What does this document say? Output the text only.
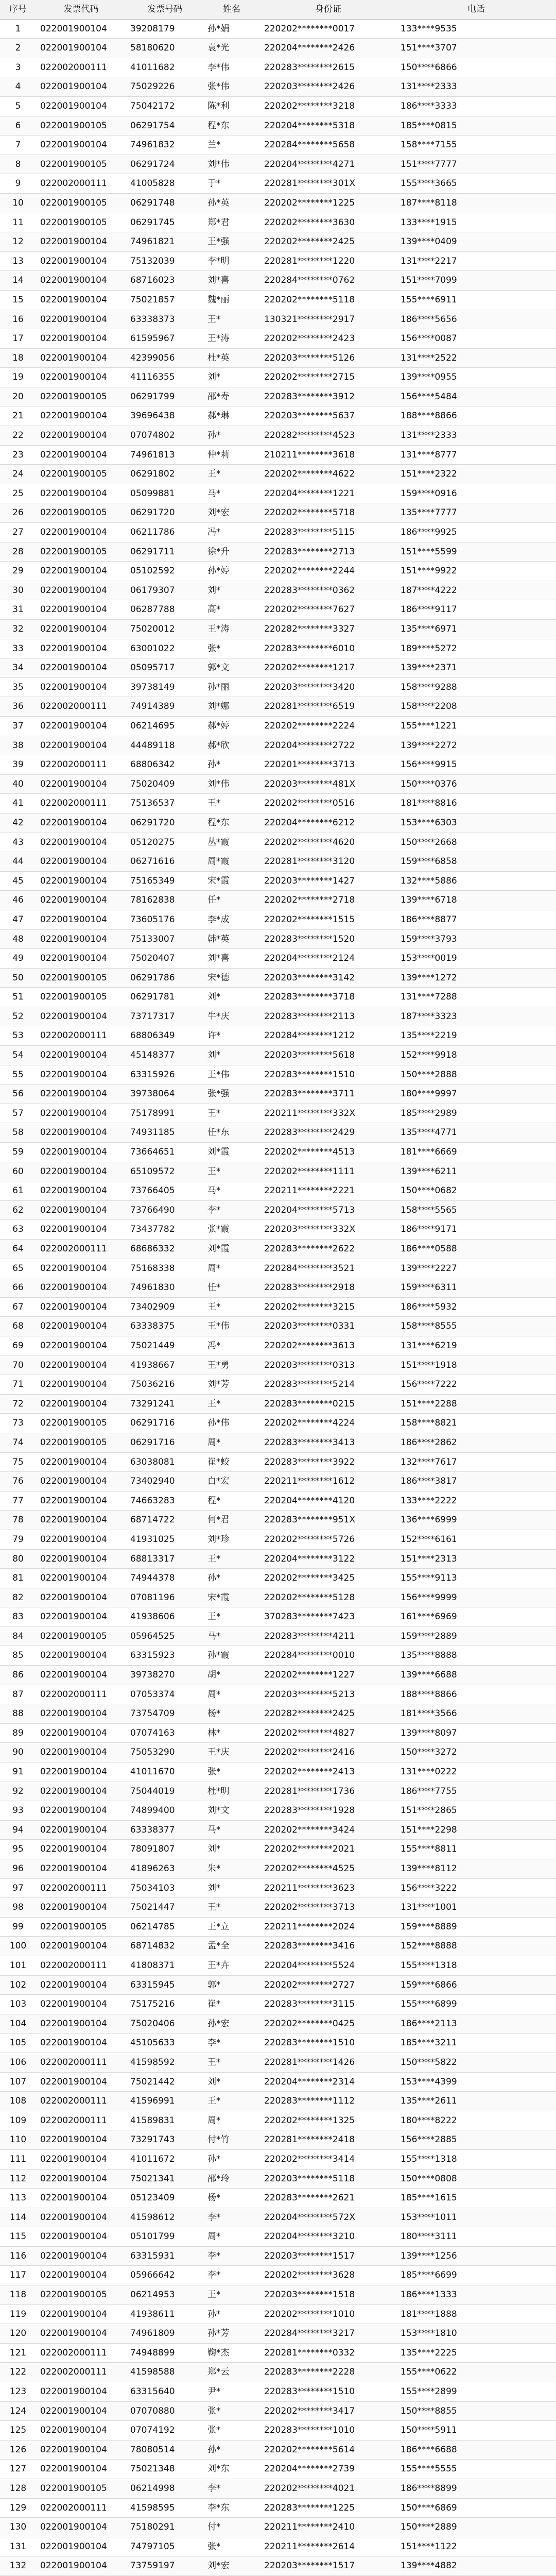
序号	发票代码	发票号码	姓名	身份证	电话
1	022001900104	39208179	孙*娟	220202********0017	133****9535
2	022001900104	58180620	袁*光	220204********2426	151****3707
3	022002000111	41011682	李*伟	220283********2615	150****6866
4	022001900104	75029226	张*伟	220203********2426	131****2333
5	022001900104	75042172	陈*利	220202********3218	186****3333
6	022001900105	06291754	程*东	220204********5318	185****0815
7	022001900104	74961832	兰*	220284********5658	158****7155
8	022001900105	06291724	刘*伟	220204********4271	151****7777
9	022002000111	41005828	于*	220281********301X	155****3665
10	022001900105	06291748	孙*英	220202********1225	187****8118
11	022001900105	06291745	郑*君	220202********3630	133****1915
12	022001900104	74961821	王*强	220202********2425	139****0409
13	022001900104	75132039	李*明	220281********1220	131****2217
14	022001900104	68716023	刘*喜	220284********0762	151****7099
15	022001900104	75021857	魏*丽	220202********5118	155****6911
16	022001900104	63338373	王*	130321********2917	186****5656
17	022001900104	61595967	王*涛	220202********2423	156****0087
18	022001900104	42399056	杜*英	220203********5126	131****2522
19	022001900104	41116355	刘*	220202********2715	139****0955
20	022001900105	06291799	邵*寿	220283********3912	156****5484
21	022001900104	39696438	郝*琳	220203********5637	188****8866
22	022001900104	07074802	孙*	220282********4523	131****2333
23	022001900104	74961813	仲*莉	210211********3618	131****8777
24	022001900105	06291802	王*	220202********4622	151****2322
25	022001900104	05099881	马*	220204********1221	159****0916
26	022001900105	06291720	刘*宏	220202********5718	135****7777
27	022001900104	06211786	冯*	220283********5115	186****9925
28	022001900105	06291711	徐*升	220283********2713	151****5599
29	022001900104	05102592	孙*婷	220202********2244	151****9922
30	022001900104	06179307	刘*	220283********0362	187****4222
31	022001900104	06287788	高*	220202********7627	186****9117
32	022001900104	75020012	王*涛	220282********3327	135****6971
33	022001900104	63001022	张*	220283********6010	189****5272
34	022001900104	05095717	郭*文	220202********1217	139****2371
35	022001900104	39738149	孙*丽	220203********3420	158****9288
36	022002000111	74914389	刘*娜	220281********6519	158****2208
37	022001900104	06214695	郝*婷	220202********2224	155****1221
38	022001900104	44489118	郝*欣	220204********2722	139****2272
39	022002000111	68806342	孙*	220201********3713	156****9915
40	022001900104	75020409	刘*伟	220203********481X	150****0376
41	022002000111	75136537	王*	220202********0516	181****8816
42	022001900104	06291720	程*东	220204********6212	153****6303
43	022001900104	05120275	丛*霞	220202********4620	150****2668
44	022001900104	06271616	周*霞	220281********3120	159****6858
45	022001900104	75165349	宋*霞	220203********1427	132****5886
46	022001900104	78162838	任*	220202********2718	139****6718
47	022001900104	73605176	李*成	220202********1515	186****8877
48	022001900104	75133007	韩*英	220283********1520	159****3793
49	022001900104	75020407	刘*喜	220204********2124	153****0019
50	022001900105	06291786	宋*德	220203********3142	139****1272
51	022001900105	06291781	刘*	220283********3718	131****7288
52	022001900104	73717317	牛*庆	220283********2113	187****3323
53	022002000111	68806349	许*	220284********1212	135****2219
54	022001900104	45148377	刘*	220203********5618	152****9918
55	022001900104	63315926	王*伟	220283********1510	150****2888
56	022001900104	39738064	张*强	220283********3711	180****9997
57	022001900104	75178991	王*	220211********332X	185****2989
58	022001900104	74931185	任*东	220283********2429	135****4771
59	022001900104	73664651	刘*霞	220202********4513	181****6669
60	022001900104	65109572	王*	220202********1111	139****6211
61	022001900104	73766405	马*	220211********2221	150****0682
62	022001900104	73766490	李*	220204********5713	158****5565
63	022001900104	73437782	张*霞	220203********332X	186****9171
64	022002000111	68686332	刘*霞	220283********2622	186****0588
65	022001900104	75168338	周*	220284********3521	139****2227
66	022001900104	74961830	任*	220283********2918	159****6311
67	022001900104	73402909	王*	220202********3215	186****5932
68	022001900104	63338375	王*伟	220203********0331	158****8555
69	022001900104	75021449	冯*	220202********3613	131****6219
70	022001900104	41938667	王*勇	220203********0313	151****1918
71	022001900104	75036216	刘*芳	220283********5214	156****7222
72	022001900104	73291241	王*	220283********0215	151****2288
73	022001900105	06291716	孙*伟	220202********4224	158****8821
74	022001900105	06291716	周*	220283********3413	186****2862
75	022001900104	63038081	崔*蛟	220283********3922	132****7617
76	022001900104	73402940	白*宏	220211********1612	186****3817
77	022001900104	74663283	程*	220204********4120	133****2222
78	022001900104	68714722	何*君	220283********951X	136****6999
79	022001900104	41931025	刘*珍	220202********5726	152****6161
80	022001900104	68813317	王*	220204********3122	151****2313
81	022001900104	74944378	孙*	220202********3425	155****9113
82	022001900104	07081196	宋*霞	220202********5128	156****9999
83	022001900104	41938606	王*	370283********7423	161****6969
84	022001900105	05964525	马*	220283********4211	159****2889
85	022001900104	63315923	孙*霞	220284********0010	135****8888
86	022001900104	39738270	胡*	220202********1227	139****6688
87	022002000111	07053374	周*	220203********5213	188****8866
88	022001900104	73754709	杨*	220282********2425	181****3566
89	022001900104	07074163	林*	220202********4827	139****8097
90	022001900104	75053290	王*庆	220202********2416	150****3272
91	022001900104	41011670	张*	220202********2413	131****0222
92	022001900104	75044019	杜*明	220281********1736	186****7755
93	022001900104	74899400	刘*文	220283********1928	151****2865
94	022001900104	63338377	马*	220202********3424	151****2298
95	022001900104	78091807	刘*	220202********2021	155****8811
96	022001900104	41896263	朱*	220202********4525	139****8112
97	022002000111	75034103	刘*	220211********3623	156****3222
98	022001900104	75021447	王*	220202********3713	131****1001
99	022001900105	06214785	王*立	220211********2024	159****8889
100	022001900104	68714832	孟*全	220283********3416	152****8888
101	022002000111	41808371	王*卉	220204********5524	155****1318
102	022001900104	63315945	郭*	220202********2727	159****6866
103	022001900104	75175216	崔*	220283********3115	155****6899
104	022001900104	75020406	孙*宏	220202********0425	186****2113
105	022001900104	45105633	李*	220283********1510	185****3211
106	022002000111	41598592	王*	220281********1426	150****5822
107	022001900104	75021442	刘*	220204********2314	153****4399
108	022002000111	41596991	王*	220283********1112	135****2611
109	022002000111	41589831	周*	220202********1325	180****8222
110	022001900104	73291743	付*竹	220281********2418	156****2885
111	022001900104	41011672	孙*	220202********3414	155****1318
112	022001900104	75021341	邵*玲	220203********5118	150****0808
113	022001900104	05123409	杨*	220283********2621	185****1615
114	022001900104	41598612	李*	220204********572X	153****1011
115	022001900104	05101799	周*	220204********3210	180****3111
116	022001900104	63315931	李*	220203********1517	139****1256
117	022001900104	05966642	李*	220202********3628	185****6699
118	022001900105	06214953	王*	220203********1518	186****1333
119	022001900104	41938611	孙*	220202********1010	181****1888
120	022001900104	74961809	孙*芳	220284********3217	153****1810
121	022002000111	74948899	鞠*杰	220281********0332	135****2225
122	022002000111	41598588	郑*云	220283********2228	155****0622
123	022001900104	63315640	尹*	220283********1510	155****2899
124	022001900104	07070880	张*	220202********3417	150****8855
125	022001900104	07074192	张*	220283********1010	150****5911
126	022001900104	78080514	孙*	220202********5614	186****6688
127	022001900104	75021348	刘*东	220204********2739	155****5555
128	022001900105	06214998	李*	220202********4021	186****8899
129	022002000111	41598595	李*东	220283********1225	150****6869
130	022001900104	75180291	付*	220211********2410	150****2889
131	022001900104	74797105	张*	220211********2614	151****1122
132	022001900104	73759197	刘*宏	220203********1517	139****4882
